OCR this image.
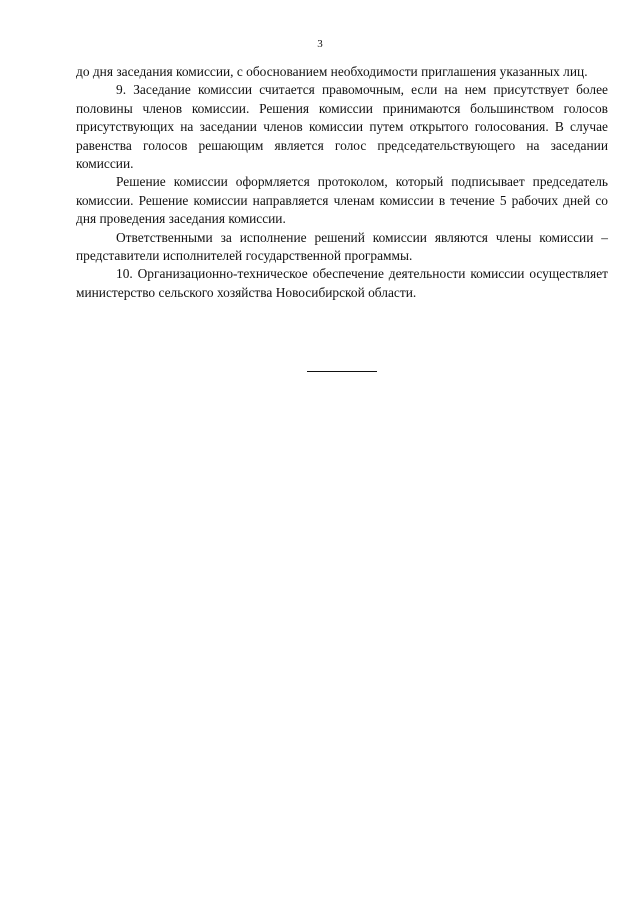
3

до дня заседания комиссии, с обоснованием необходимости приглашения указанных лиц.

9. Заседание комиссии считается правомочным, если на нем присутствует более половины членов комиссии. Решения комиссии принимаются большинством голосов присутствующих на заседании членов комиссии путем открытого голосования. В случае равенства голосов решающим является голос председательствующего на заседании комиссии.

Решение комиссии оформляется протоколом, который подписывает председатель комиссии. Решение комиссии направляется членам комиссии в течение 5 рабочих дней со дня проведения заседания комиссии.

Ответственными за исполнение решений комиссии являются члены комиссии – представители исполнителей государственной программы.

10. Организационно-техническое обеспечение деятельности комиссии осуществляет министерство сельского хозяйства Новосибирской области.
